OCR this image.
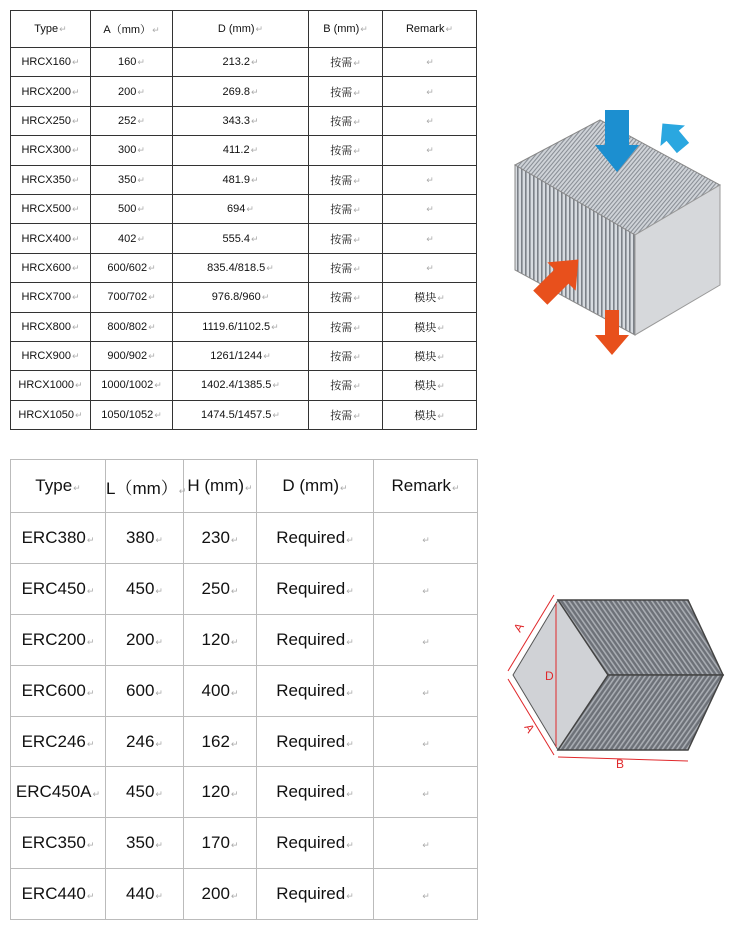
Type↵	A（mm）↵	D (mm)↵	B (mm)↵	Remark↵
HRCX160↵	160↵	213.2↵	按需↵	↵
HRCX200↵	200↵	269.8↵	按需↵	↵
HRCX250↵	252↵	343.3↵	按需↵	↵
HRCX300↵	300↵	411.2↵	按需↵	↵
HRCX350↵	350↵	481.9↵	按需↵	↵
HRCX500↵	500↵	694↵	按需↵	↵
HRCX400↵	402↵	555.4↵	按需↵	↵
HRCX600↵	600/602↵	835.4/818.5↵	按需↵	↵
HRCX700↵	700/702↵	976.8/960↵	按需↵	模块↵
HRCX800↵	800/802↵	1119.6/1102.5↵	按需↵	模块↵
HRCX900↵	900/902↵	1261/1244↵	按需↵	模块↵
HRCX1000↵	1000/1002↵	1402.4/1385.5↵	按需↵	模块↵
HRCX1050↵	1050/1052↵	1474.5/1457.5↵	按需↵	模块↵
Type↵	L（mm）↵	H (mm)↵	D (mm)↵	Remark↵
ERC380↵	380↵	230↵	Required↵	↵
ERC450↵	450↵	250↵	Required↵	↵
ERC200↵	200↵	120↵	Required↵	↵
ERC600↵	600↵	400↵	Required↵	↵
ERC246↵	246↵	162↵	Required↵	↵
ERC450A↵	450↵	120↵	Required↵	↵
ERC350↵	350↵	170↵	Required↵	↵
ERC440↵	440↵	200↵	Required↵	↵
A
D
A
B
